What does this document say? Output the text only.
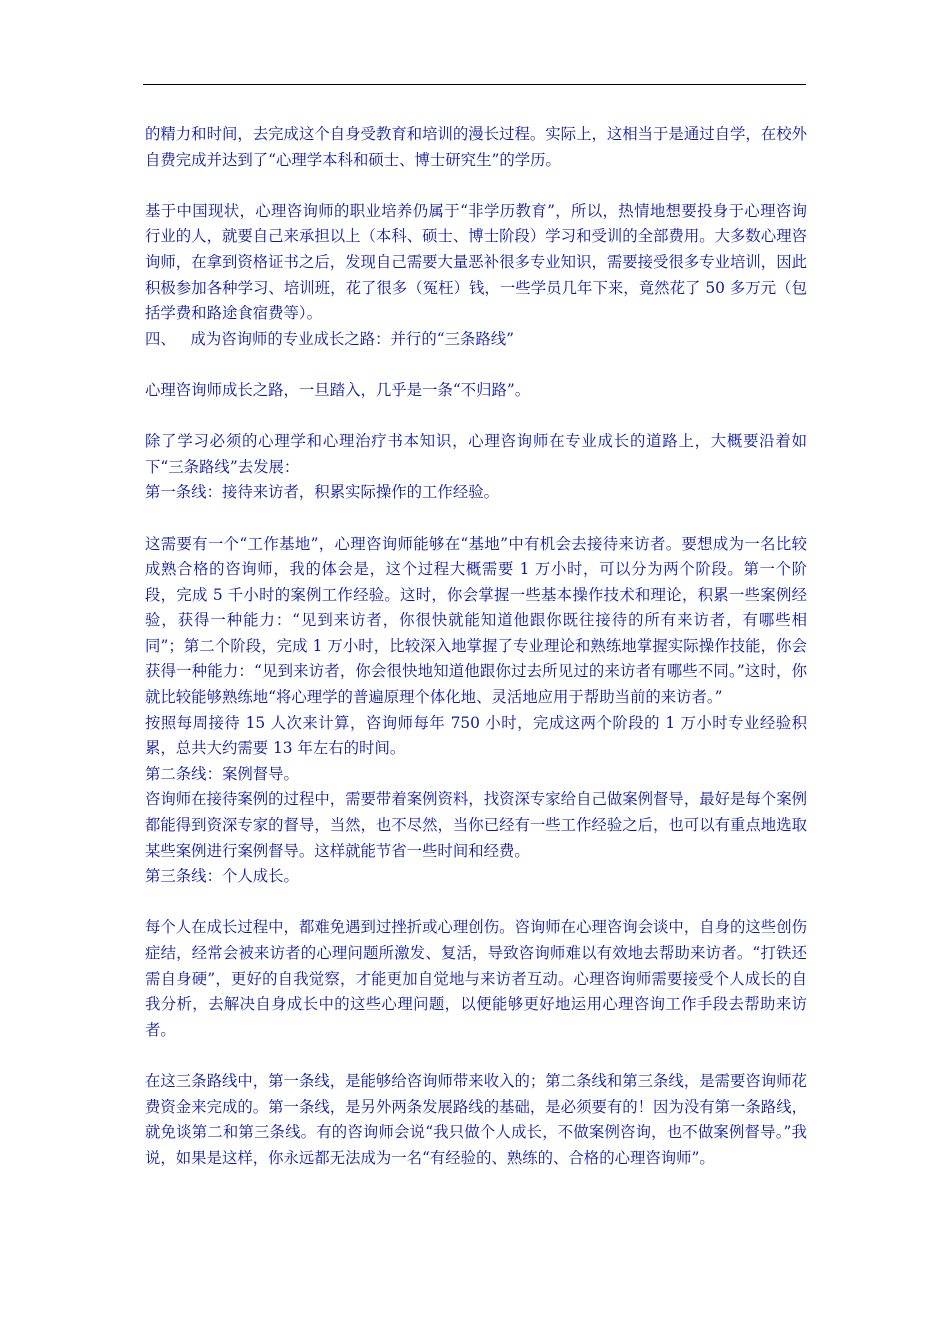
的精力和时间，去完成这个自身受教育和培训的漫长过程。实际上，这相当于是通过自学，在校外自费完成并达到了“心理学本科和硕士、博士研究生”的学历。

基于中国现状，心理咨询师的职业培养仍属于“非学历教育”，所以，热情地想要投身于心理咨询行业的人，就要自己来承担以上（本科、硕士、博士阶段）学习和受训的全部费用。大多数心理咨询师，在拿到资格证书之后，发现自己需要大量恶补很多专业知识，需要接受很多专业培训，因此积极参加各种学习、培训班，花了很多（冤枉）钱，一些学员几年下来，竟然花了 50 多万元（包括学费和路途食宿费等）。

四、   成为咨询师的专业成长之路：并行的“三条路线”

心理咨询师成长之路，一旦踏入，几乎是一条“不归路”。

除了学习必须的心理学和心理治疗书本知识，心理咨询师在专业成长的道路上，大概要沿着如下“三条路线”去发展：

第一条线：接待来访者，积累实际操作的工作经验。

这需要有一个“工作基地”，心理咨询师能够在“基地”中有机会去接待来访者。要想成为一名比较成熟合格的咨询师，我的体会是，这个过程大概需要 1 万小时，可以分为两个阶段。第一个阶段，完成 5 千小时的案例工作经验。这时，你会掌握一些基本操作技术和理论，积累一些案例经验，获得一种能力：“见到来访者，你很快就能知道他跟你既往接待的所有来访者，有哪些相同”；第二个阶段，完成 1 万小时，比较深入地掌握了专业理论和熟练地掌握实际操作技能，你会获得一种能力：“见到来访者，你会很快地知道他跟你过去所见过的来访者有哪些不同。”这时，你就比较能够熟练地“将心理学的普遍原理个体化地、灵活地应用于帮助当前的来访者。”

按照每周接待 15 人次来计算，咨询师每年 750 小时，完成这两个阶段的 1 万小时专业经验积累，总共大约需要 13 年左右的时间。

第二条线：案例督导。

咨询师在接待案例的过程中，需要带着案例资料，找资深专家给自己做案例督导，最好是每个案例都能得到资深专家的督导，当然，也不尽然，当你已经有一些工作经验之后，也可以有重点地选取某些案例进行案例督导。这样就能节省一些时间和经费。

第三条线：个人成长。

每个人在成长过程中，都难免遇到过挫折或心理创伤。咨询师在心理咨询会谈中，自身的这些创伤症结，经常会被来访者的心理问题所激发、复活，导致咨询师难以有效地去帮助来访者。“打铁还需自身硬”，更好的自我觉察，才能更加自觉地与来访者互动。心理咨询师需要接受个人成长的自我分析，去解决自身成长中的这些心理问题，以便能够更好地运用心理咨询工作手段去帮助来访者。

在这三条路线中，第一条线，是能够给咨询师带来收入的；第二条线和第三条线，是需要咨询师花费资金来完成的。第一条线，是另外两条发展路线的基础，是必须要有的！因为没有第一条路线，就免谈第二和第三条线。有的咨询师会说“我只做个人成长，不做案例咨询，也不做案例督导。”我说，如果是这样，你永远都无法成为一名“有经验的、熟练的、合格的心理咨询师”。
